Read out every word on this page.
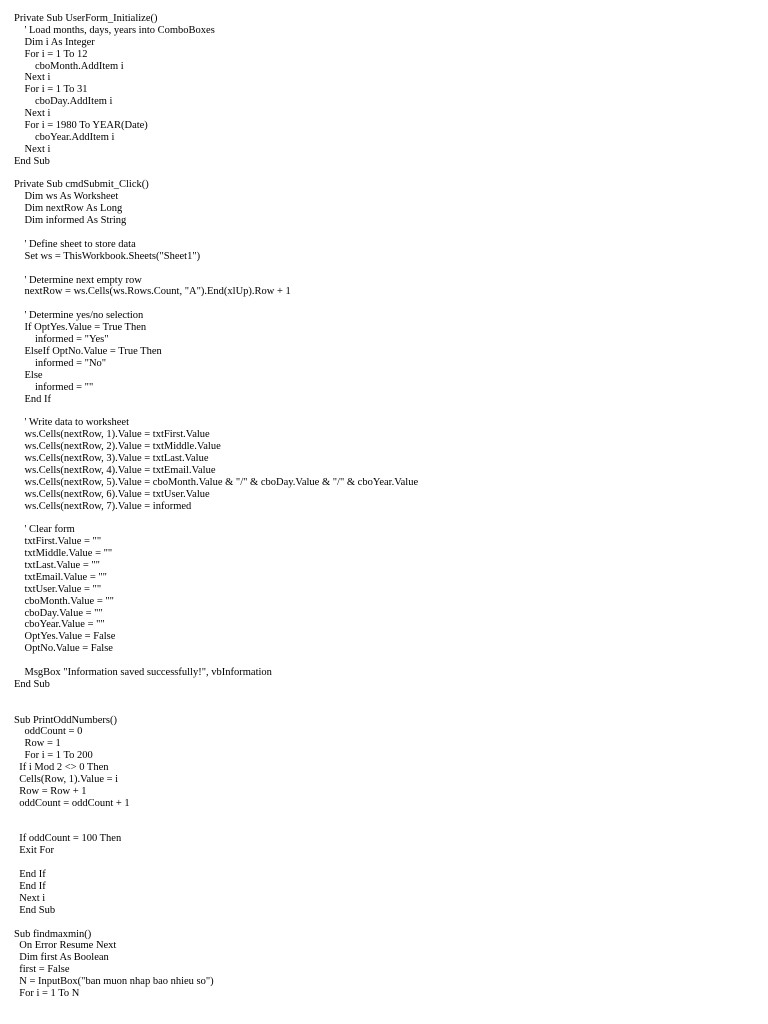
Private Sub UserForm_Initialize()
' Load months, days, years into ComboBoxes
Dim i As Integer
For i = 1 To 12
cboMonth.AddItem i
Next i
For i = 1 To 31
cboDay.AddItem i
Next i
For i = 1980 To YEAR(Date)
cboYear.AddItem i
Next i
End Sub

Private Sub cmdSubmit_Click()
Dim ws As Worksheet
Dim nextRow As Long
Dim informed As String

' Define sheet to store data
Set ws = ThisWorkbook.Sheets("Sheet1")

' Determine next empty row
nextRow = ws.Cells(ws.Rows.Count, "A").End(xlUp).Row + 1

' Determine yes/no selection
If OptYes.Value = True Then
informed = "Yes"
ElseIf OptNo.Value = True Then
informed = "No"
Else
informed = ""
End If

' Write data to worksheet
ws.Cells(nextRow, 1).Value = txtFirst.Value
ws.Cells(nextRow, 2).Value = txtMiddle.Value
ws.Cells(nextRow, 3).Value = txtLast.Value
ws.Cells(nextRow, 4).Value = txtEmail.Value
ws.Cells(nextRow, 5).Value = cboMonth.Value & "/" & cboDay.Value & "/" & cboYear.Value
ws.Cells(nextRow, 6).Value = txtUser.Value
ws.Cells(nextRow, 7).Value = informed

' Clear form
txtFirst.Value = ""
txtMiddle.Value = ""
txtLast.Value = ""
txtEmail.Value = ""
txtUser.Value = ""
cboMonth.Value = ""
cboDay.Value = ""
cboYear.Value = ""
OptYes.Value = False
OptNo.Value = False

MsgBox "Information saved successfully!", vbInformation
End Sub

Sub PrintOddNumbers()
oddCount = 0
Row = 1
For i = 1 To 200
If i Mod 2 <> 0 Then
Cells(Row, 1).Value = i
Row = Row + 1
oddCount = oddCount + 1

If oddCount = 100 Then
Exit For

End If
End If
Next i
End Sub

Sub findmaxmin()
On Error Resume Next
Dim first As Boolean
first = False
N = InputBox("ban muon nhap bao nhieu so")
For i = 1 To N
